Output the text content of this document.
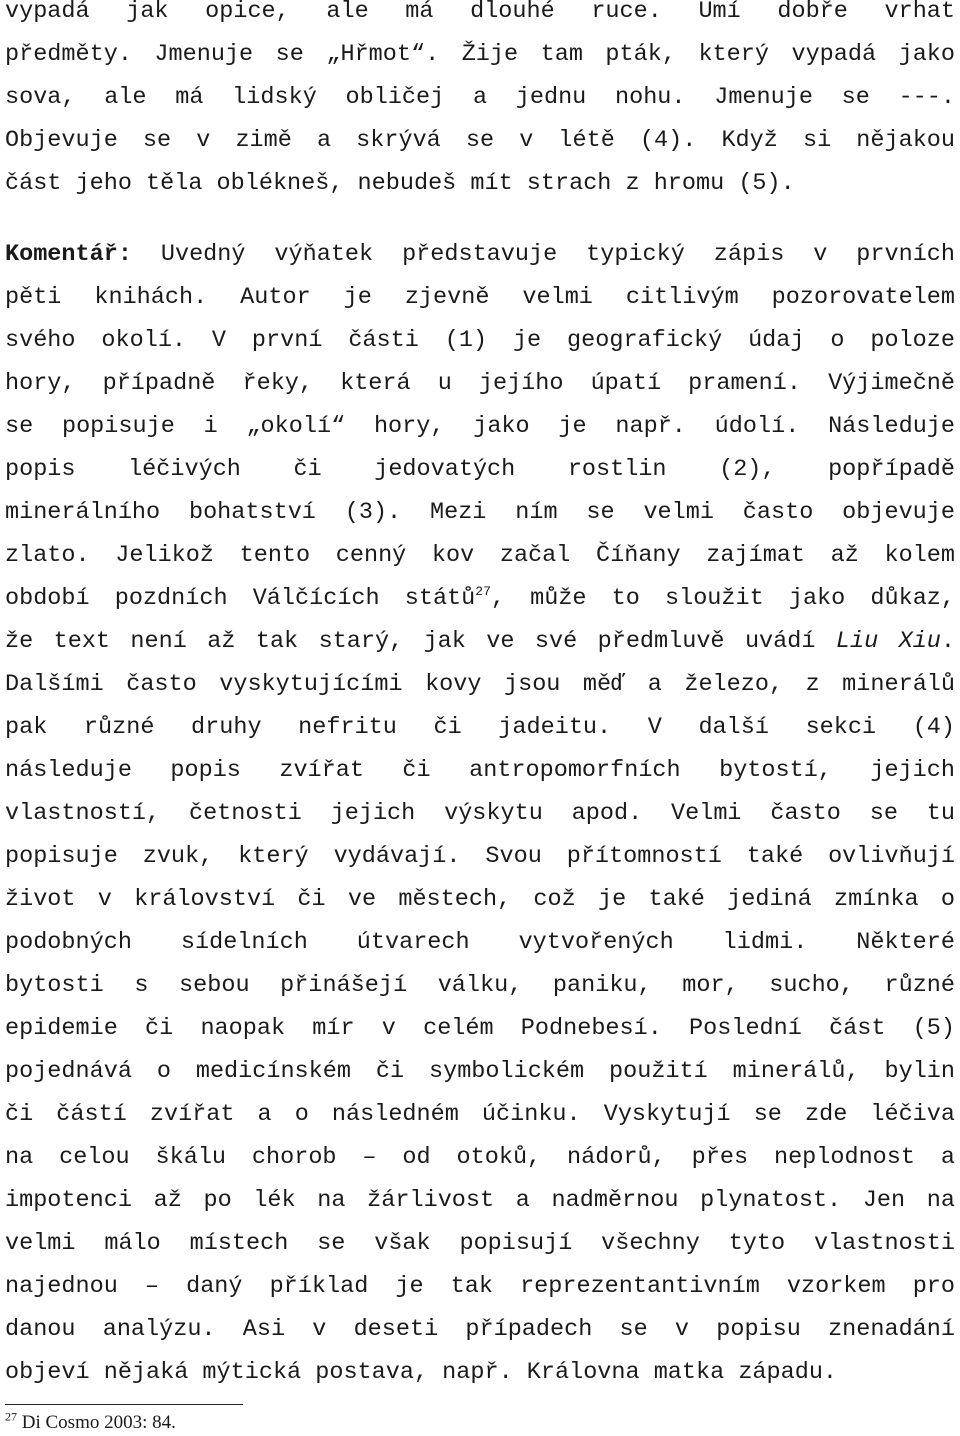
vypadá jak opice, ale má dlouhé ruce. Umí dobře vrhat
předměty. Jmenuje se „Hřmot“. Žije tam pták, který vypadá jako
sova, ale má lidský obličej a jednu nohu. Jmenuje se ---.
Objevuje se v zimě a skrývá se v létě (4). Když si nějakou
část jeho těla oblékneš, nebudeš mít strach z hromu (5).
Komentář: Uvedný výňatek představuje typický zápis v prvních
pěti knihách. Autor je zjevně velmi citlivým pozorovatelem
svého okolí. V první části (1) je geografický údaj o poloze
hory, případně řeky, která u jejího úpatí pramení. Výjimečně
se popisuje i „okolí“ hory, jako je např. údolí. Následuje
popis léčivých či jedovatých rostlin (2), popřípadě
minerálního bohatství (3). Mezi ním se velmi často objevuje
zlato. Jelikož tento cenný kov začal Číňany zajímat až kolem
období pozdních Válčících států$^{27}$, může to sloužit jako důkaz,
že text není až tak starý, jak ve své předmluvě uvádí Liu Xiu.
Dalšími často vyskytujícími kovy jsou měď a železo, z minerálů
pak různé druhy nefritu či jadeitu. V další sekci (4)
následuje popis zvířat či antropomorfních bytostí, jejich
vlastností, četnosti jejich výskytu apod. Velmi často se tu
popisuje zvuk, který vydávají. Svou přítomností také ovlivňují
život v království či ve městech, což je také jediná zmínka o
podobných sídelních útvarech vytvořených lidmi. Některé
bytosti s sebou přinášejí válku, paniku, mor, sucho, různé
epidemie či naopak mír v celém Podnebesí. Poslední část (5)
pojednává o medicínském či symbolickém použití minerálů, bylin
či částí zvířat a o následném účinku. Vyskytují se zde léčiva
na celou škálu chorob – od otoků, nádorů, přes neplodnost a
impotenci až po lék na žárlivost a nadměrnou plynatost. Jen na
velmi málo místech se však popisují všechny tyto vlastnosti
najednou – daný příklad je tak reprezentantivním vzorkem pro
danou analýzu. Asi v deseti případech se v popisu znenadání
objeví nějaká mýtická postava, např. Královna matka západu.
$^{27}$ Di Cosmo 2003: 84.
